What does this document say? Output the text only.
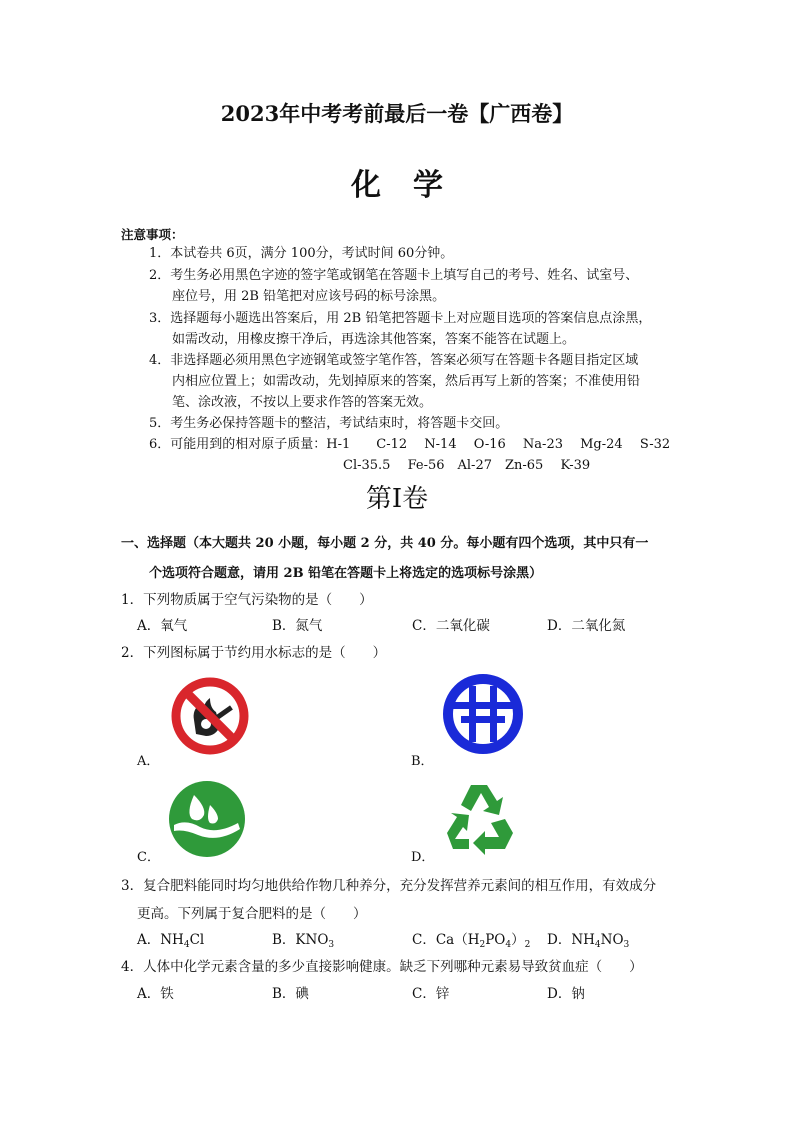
2023年中考考前最后一卷【广西卷】
化学
注意事项：
1．本试卷共 6页，满分 100分，考试时间 60分钟。
2．考生务必用黑色字迹的签字笔或钢笔在答题卡上填写自己的考号、姓名、试室号、
座位号，用 2B 铅笔把对应该号码的标号涂黑。
3．选择题每小题选出答案后，用 2B 铅笔把答题卡上对应题目选项的答案信息点涂黑，
如需改动，用橡皮擦干净后，再选涂其他答案，答案不能答在试题上。
4．非选择题必须用黑色字迹钢笔或签字笔作答，答案必须写在答题卡各题目指定区域
内相应位置上；如需改动，先划掉原来的答案，然后再写上新的答案；不准使用铅
笔、涂改液，不按以上要求作答的答案无效。
5．考生务必保持答题卡的整洁，考试结束时，将答题卡交回。
6．可能用到的相对原子质量：H-1　　C-12　 N-14　 O-16　 Na-23　 Mg-24　 S-32
Cl-35.5　 Fe-56　Al-27　Zn-65　 K-39
第Ⅰ卷
一、选择题（本大题共 20 小题，每小题 2 分，共 40 分。每小题有四个选项，其中只有一
个选项符合题意，请用 2B 铅笔在答题卡上将选定的选项标号涂黑）
1．下列物质属于空气污染物的是（　　）
A．氧气	B．氮气	C．二氧化碳	D．二氧化氮
2．下列图标属于节约用水标志的是（　　）
A．	B．
C．	D．
3．复合肥料能同时均匀地供给作物几种养分，充分发挥营养元素间的相互作用，有效成分
更高。下列属于复合肥料的是（　　）
A．$NH_4Cl$	B．$KNO_3$	C．$Ca(H_2PO_4)_2$ D．$NH_4NO_3$
4．人体中化学元素含量的多少直接影响健康。缺乏下列哪种元素易导致贫血症（　　）
A．铁	B．碘	C．锌	D．钠
